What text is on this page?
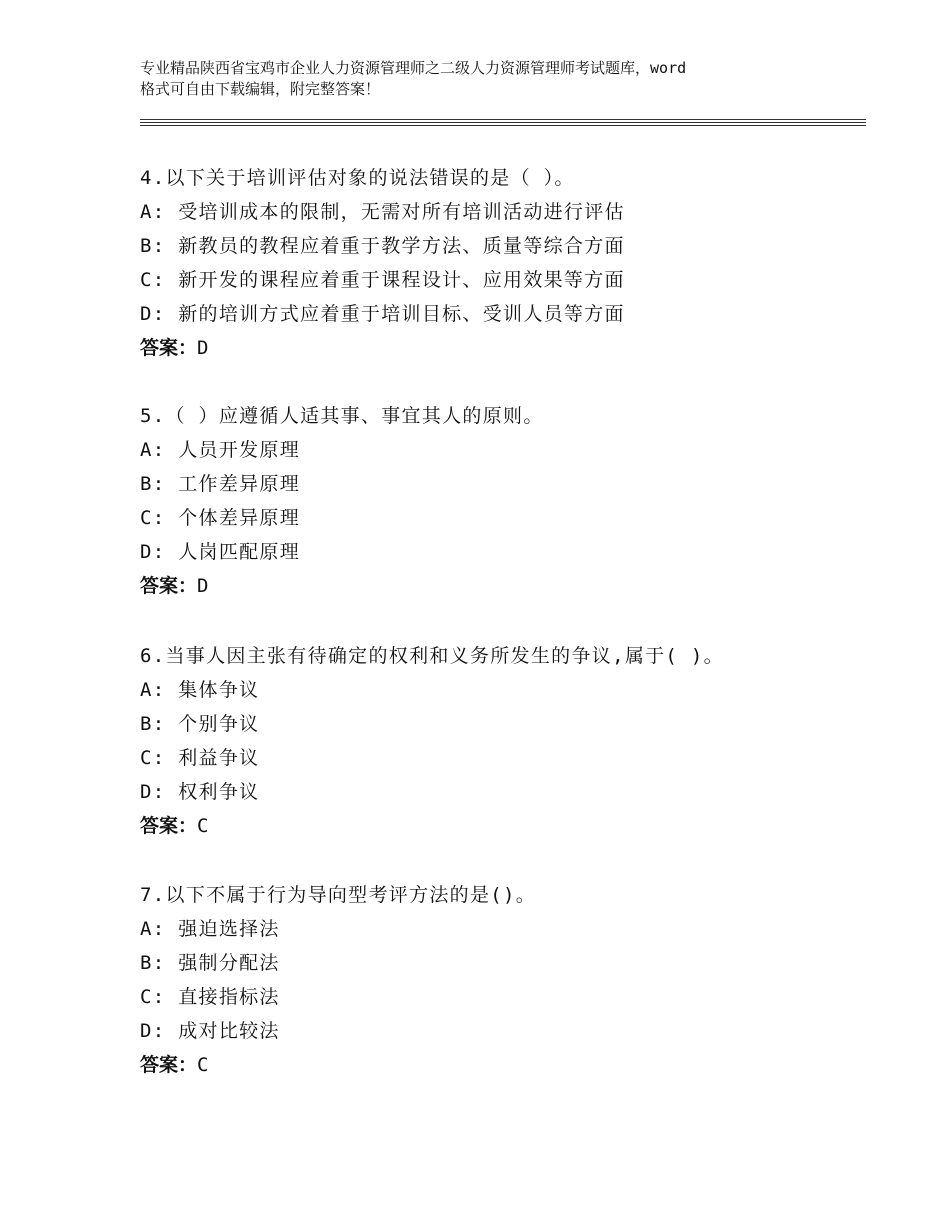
专业精品陕西省宝鸡市企业人力资源管理师之二级人力资源管理师考试题库，word
格式可自由下载编辑，附完整答案！
4.以下关于培训评估对象的说法错误的是（ ）。
A: 受培训成本的限制，无需对所有培训活动进行评估
B: 新教员的教程应着重于教学方法、质量等综合方面
C: 新开发的课程应着重于课程设计、应用效果等方面
D: 新的培训方式应着重于培训目标、受训人员等方面
答案：D
5.（ ）应遵循人适其事、事宜其人的原则。
A: 人员开发原理
B: 工作差异原理
C: 个体差异原理
D: 人岗匹配原理
答案：D
6.当事人因主张有待确定的权利和义务所发生的争议,属于( )。
A: 集体争议
B: 个别争议
C: 利益争议
D: 权利争议
答案：C
7.以下不属于行为导向型考评方法的是()。
A: 强迫选择法
B: 强制分配法
C: 直接指标法
D: 成对比较法
答案：C
